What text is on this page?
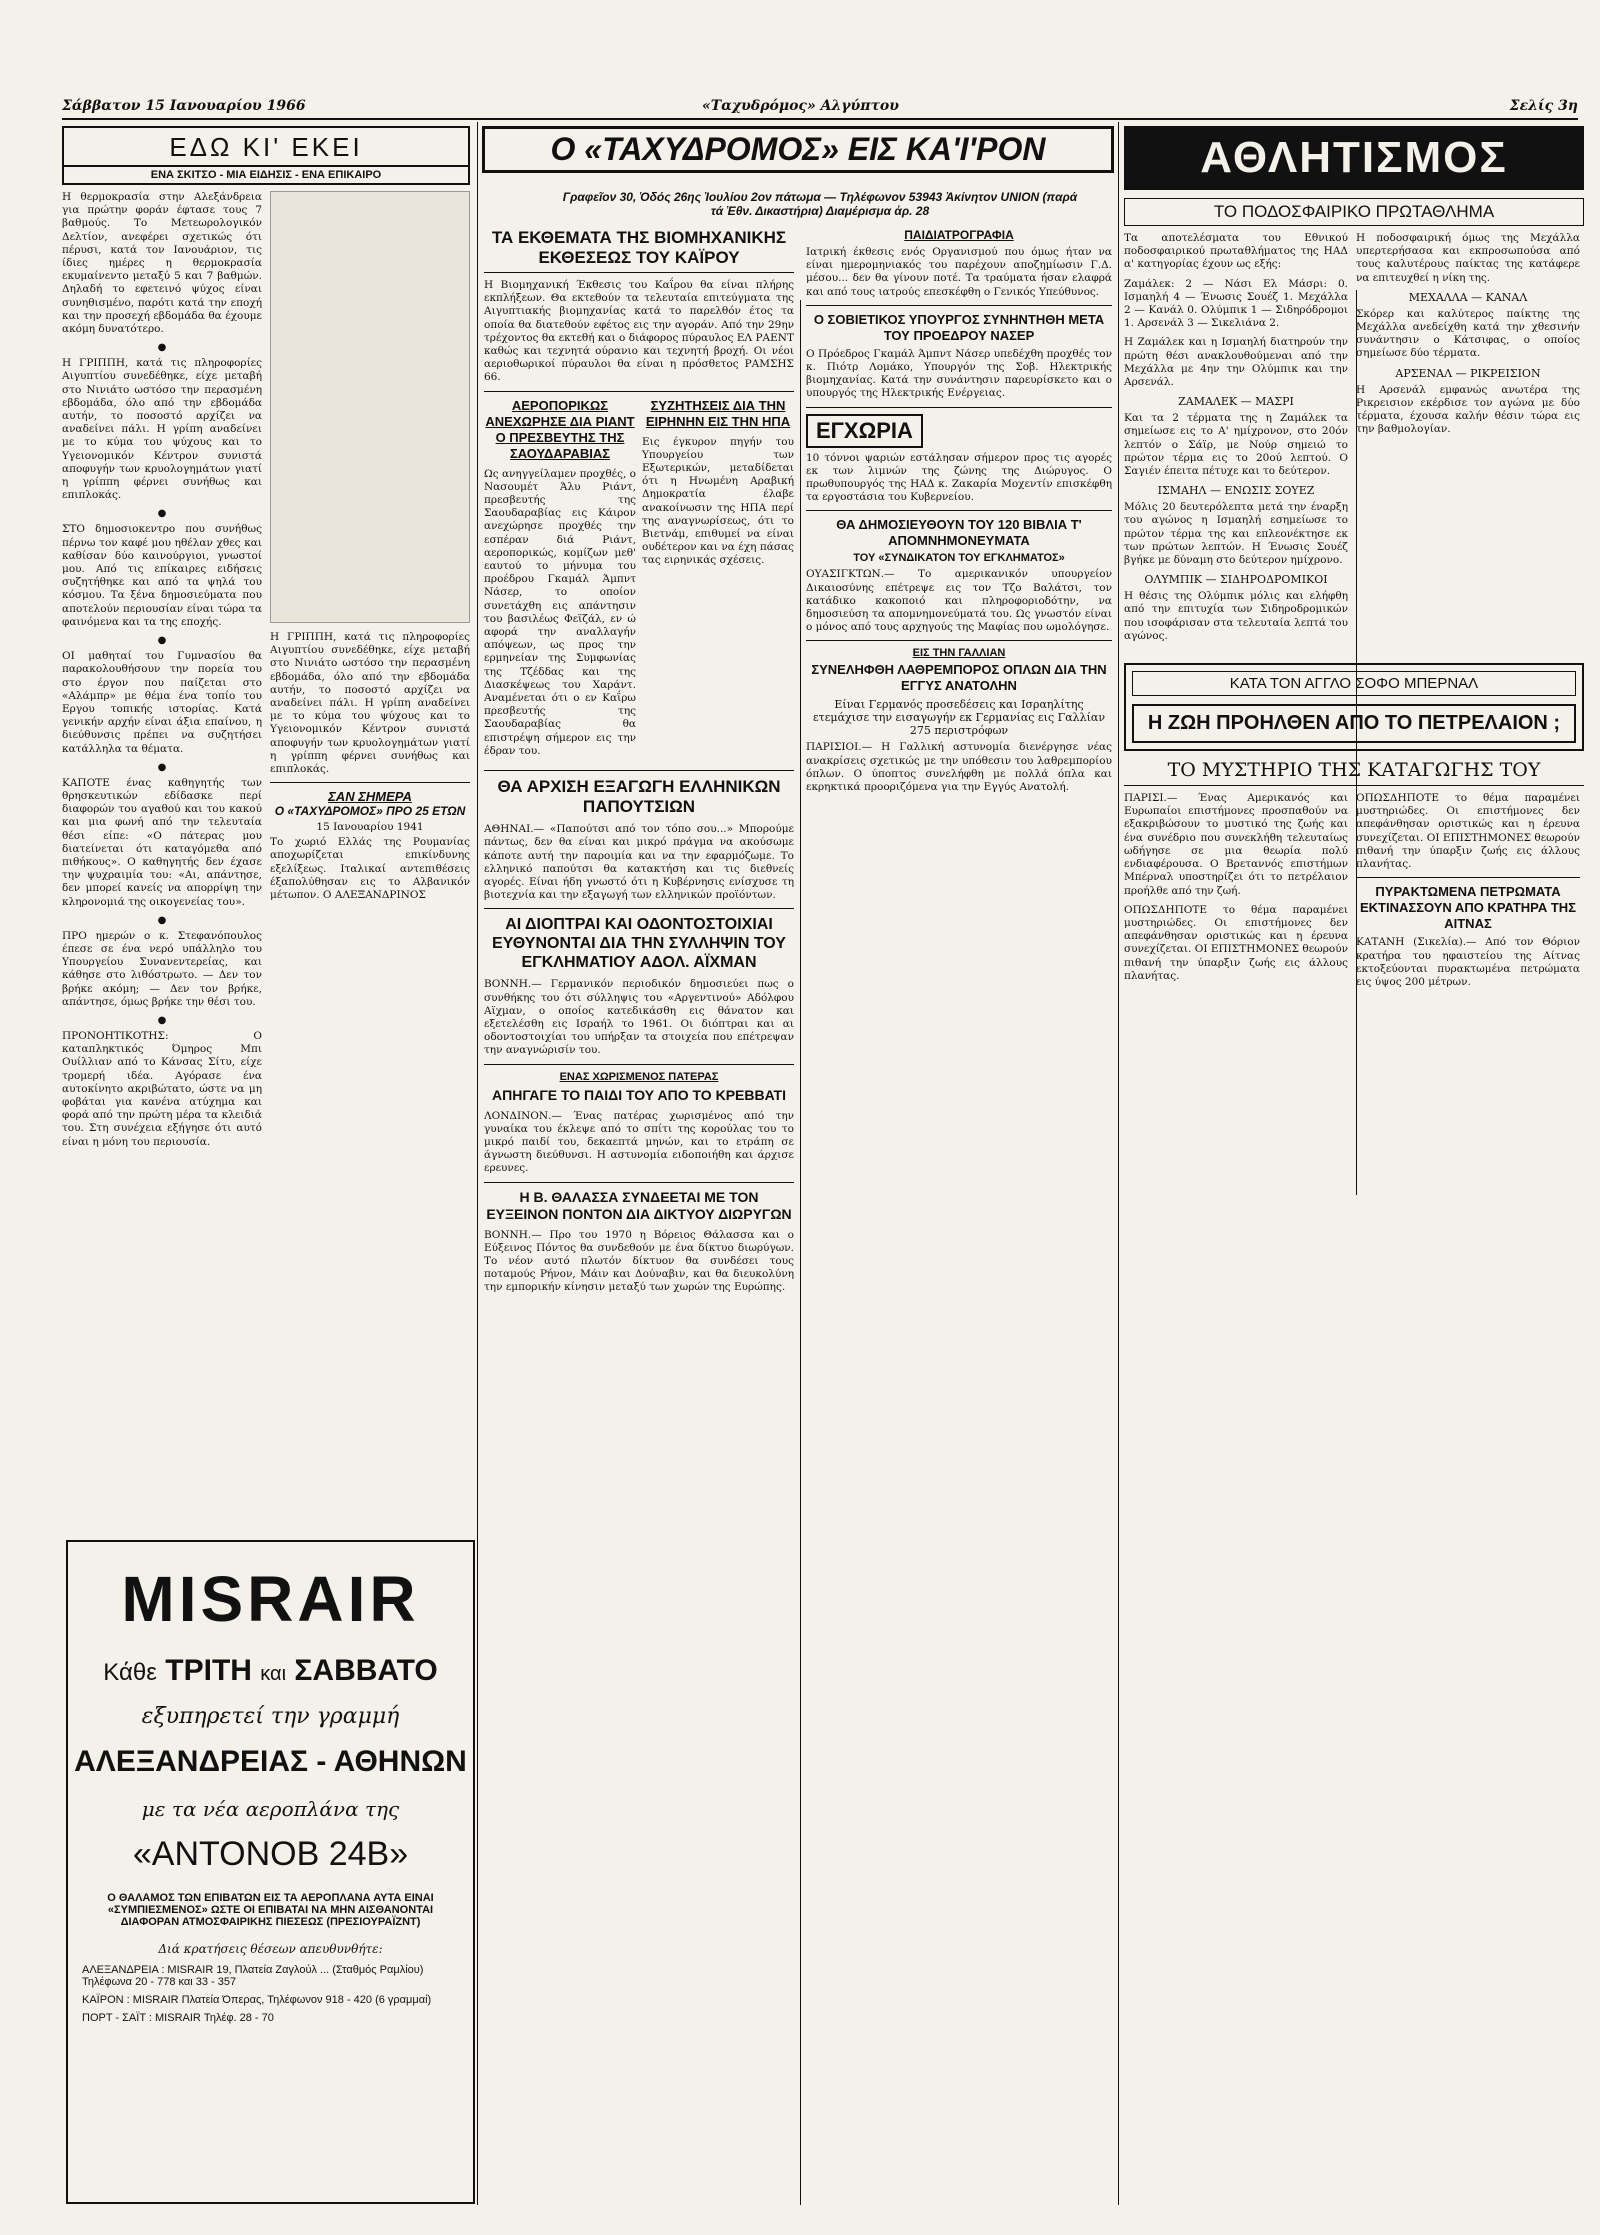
Σάββατον 15 Ιανουαρίου 1966	«Ταχυδρόμος» Αλγύπτου	Σελίς 3η
ΕΔΩ ΚΙ' ΕΚΕΙ
ΕΝΑ ΣΚΙΤΣΟ - ΜΙΑ ΕΙΔΗΣΙΣ - ΕΝΑ ΕΠΙΚΑΙΡΟ

Η θερμοκρασία στην Αλεξάνδρεια για πρώτην φοράν έφτασε τους 7 βαθμούς. Το Μετεωρολογικόν Δελτίον, ανεφέρει σχετικώς ότι πέρυσι, κατά τον Ιανουάριον, τις ίδιες ημέρες η θερμοκρασία εκυμαίνεντο μεταξύ 5 και 7 βαθμών. Δηλαδή το εφετεινό ψύχος είναι συνηθισμένο, παρότι κατά την εποχή και την προσεχή εβδομάδα θα έχουμε ακόμη δυνατότερο.

●

Η ΓΡΙΠΠΗ, κατά τις πληροφορίες Αιγυπτίου συνεδέθηκε, είχε μεταβή στο Νινιάτο ωστόσο την περασμένη εβδομάδα, όλο από την εβδομάδα αυτήν, το ποσοστό αρχίζει να αναδείνει πάλι. Η γρίπη αναδείνει με το κύμα του ψύχους και το Υγειονομικόν Κέντρον συνιστά αποφυγήν των κρυολογημάτων γιατί η γρίππη φέρνει συνήθως και επιπλοκάς.

●

ΣΤΟ δημοσιοκεντρο που συνήθως πέρνω τον καφέ μου ηθέλαν χθες και καθίσαν δύο καινούργιοι, γνωστοί μου. Από τις επίκαιρες ειδήσεις συζητήθηκε και από τα ψηλά του κόσμου. Τα ξένα δημοσιεύματα που αποτελούν περιουσίαν είναι τώρα τα φαινόμενα και τα της εποχής.

●

ΟΙ μαθηταί του Γυμνασίου θα παρακολουθήσουν την πορεία του στο έργον που παίζεται στο «Αλάμπρ» με θέμα ένα τοπίο του Εργου τοπικής ιστορίας. Κατά γενικήν αρχήν είναι άξια επαίνου, η διεύθυνσις πρέπει να συζητήσει κατάλληλα τα θέματα.

●

ΚΑΠΟΤΕ ένας καθηγητής των θρησκευτικών εδίδασκε περί διαφορών του αγαθού και του κακού και μια φωνή από την τελευταία θέσι είπε: «Ο πάτερας μου διατείνεται ότι καταγόμεθα από πιθήκους». Ο καθηγητής δεν έχασε την ψυχραιμία του: «Αι, απάντησε, δεν μπορεί κανείς να απορρίψη την κληρονομιά της οικογενείας του».

●

ΠΡΟ ημερών ο κ. Στεφανόπουλος έπεσε σε ένα νερό υπάλληλο του Υπουργείου Συνανεντερείας, και κάθησε στο λιθόστρωτο. — Δεν τον βρήκε ακόμη; — Δεν τον βρήκε, απάντησε, όμως βρήκε την θέσι του.

●

ΠΡΟΝΟΗΤΙΚΟΤΗΣ: Ο καταπληκτικός Όμηρος Μπι Ουίλλιαν από το Κάνσας Σίτυ, είχε τρομερή ιδέα. Αγόρασε ένα αυτοκίνητο ακριβώτατο, ώστε να μη φοβάται για κανένα ατύχημα και φορά από την πρώτη μέρα τα κλειδιά του. Στη συνέχεια εξήγησε ότι αυτό είναι η μόνη του περιουσία.

Η ΓΡΙΠΠΗ, κατά τις πληροφορίες Αιγυπτίου συνεδέθηκε, είχε μεταβή στο Νινιάτο ωστόσο την περασμένη εβδομάδα, όλο από την εβδομάδα αυτήν, το ποσοστό αρχίζει να αναδείνει πάλι. Η γρίπη αναδείνει με το κύμα του ψύχους και το Υγειονομικόν Κέντρον συνιστά αποφυγήν των κρυολογημάτων γιατί η γρίππη φέρνει συνήθως και επιπλοκάς.

ΣΑΝ ΣΗΜΕΡΑ
Ο «ΤΑΧΥΔΡΟΜΟΣ» ΠΡΟ 25 ΕΤΩΝ
15 Ιανουαρίου 1941

Το χωριό Ελλάς της Ρουμανίας αποχωρίζεται επικίνδυνης εξελίξεως. Ιταλικαί αντεπιθέσεις έξαπολύθησαν εις το Αλβανικόν μέτωπον. Ο ΑΛΕΞΑΝΔΡΙΝΟΣ

MISRAIR
Κάθε ΤΡΙΤΗ και ΣΑΒΒΑΤΟ
εξυπηρετεί την γραμμή
ΑΛΕΞΑΝΔΡΕΙΑΣ - ΑΘΗΝΩΝ
με τα νέα αεροπλάνα της
«ΑΝΤΟΝΟΒ 24Β»
Ο ΘΑΛΑΜΟΣ ΤΩΝ ΕΠΙΒΑΤΩΝ ΕΙΣ ΤΑ ΑΕΡΟΠΛΑΝΑ ΑΥΤΑ ΕΙΝΑΙ «ΣΥΜΠΙΕΣΜΕΝΟΣ» ΩΣΤΕ ΟΙ ΕΠΙΒΑΤΑΙ ΝΑ ΜΗΝ ΑΙΣΘΑΝΟΝΤΑΙ ΔΙΑΦΟΡΑΝ ΑΤΜΟΣΦΑΙΡΙΚΗΣ ΠΙΕΣΕΩΣ (ΠΡΕΣΙΟΥΡΑΪΖΝΤ)
Διά κρατήσεις θέσεων απευθυνθήτε:
ΑΛΕΞΑΝΔΡΕΙΑ : MISRAIR 19, Πλατεία Ζαγλούλ ... (Σταθμός Ραμλίου) Τηλέφωνα 20 - 778 και 33 - 357
ΚΑΪΡΟΝ : MISRAIR Πλατεία Όπερας, Τηλέφωνον 918 - 420 (6 γραμμαί)
ΠΟΡΤ - ΣΑΪΤ : MISRAIR Τηλέφ. 28 - 70
Ο «ΤΑΧΥΔΡΟΜΟΣ» ΕΙΣ ΚΑ'Ι'ΡΟΝ
Γραφεῖον 30, Ὁδός 26ης Ἰουλίου 2ον πάτωμα — Τηλέφωνον 53943 Ἀκίνητον UNION (παρά τά Ἐθν. Δικαστήρια) Διαμέρισμα ἀρ. 28
ΤΑ ΕΚΘΕΜΑΤΑ ΤΗΣ ΒΙΟΜΗΧΑΝΙΚΗΣ ΕΚΘΕΣΕΩΣ ΤΟΥ ΚΑΪΡΟΥ

Η Βιομηχανική Έκθεσις του Καΐρου θα είναι πλήρης εκπλήξεων. Θα εκτεθούν τα τελευταία επιτεύγματα της Αιγυπτιακής βιομηχανίας κατά το παρελθόν έτος τα οποία θα διατεθούν εφέτος εις την αγοράν. Από την 29ην τρέχοντος θα εκτεθή και ο διάφορος πύραυλος ΕΛ ΡΑΕΝΤ καθώς και τεχνητά ούρανιο και τεχνητή βροχή. Οι νέοι αεριοθωρικοί πύραυλοι θα είναι η πρόσθετος ΡΑΜΣΗΣ 66.

ΑΕΡΟΠΟΡΙΚΩΣ ΑΝΕΧΩΡΗΣΕ ΔΙΑ ΡΙΑΝΤ Ο ΠΡΕΣΒΕΥΤΗΣ ΤΗΣ ΣΑΟΥΔΑΡΑΒΙΑΣ

Ως ανηγγείλαμεν προχθές, ο Νασουμέτ Άλυ Ριάντ, πρεσβευτής της Σαουδαραβίας εις Κάιρον ανεχώρησε προχθές την εσπέραν διά Ριάντ, αεροπορικώς, κομίζων μεθ' εαυτού το μήνυμα του προέδρου Γκαμάλ Άμπντ Νάσερ, το οποίον συνετάχθη εις απάντησιν του βασιλέως Φεϊζάλ, εν ώ αφορά την αναλλαγήν απόψεων, ως προς την ερμηνείαν της Συμφωνίας της Τζέδδας και της Διασκέψεως του Χαράντ. Αναμένεται ότι ο εν Καΐρω πρεσβευτής της Σαουδαραβίας θα επιστρέψη σήμερον εις την έδραν του.

ΣΥΖΗΤΗΣΕΙΣ ΔΙΑ ΤΗΝ ΕΙΡΗΝΗΝ ΕΙΣ ΤΗΝ ΗΠΑ

Εις έγκυρον πηγήν του Υπουργείου των Εξωτερικών, μεταδίδεται ότι η Ηνωμένη Αραβική Δημοκρατία έλαβε ανακοίνωσιν της ΗΠΑ περί της αναγνωρίσεως, ότι το Βιετνάμ, επιθυμεί να είναι ουδέτερον και να έχη πάσας τας ειρηνικάς σχέσεις.

ΘΑ ΑΡΧΙΣΗ ΕΞΑΓΩΓΗ ΕΛΛΗΝΙΚΩΝ ΠΑΠΟΥΤΣΙΩΝ

ΑΘΗΝΑΙ.— «Παπούτσι από τον τόπο σου...» Μπορούμε πάντως, δεν θα είναι και μικρό πράγμα να ακούσωμε κάποτε αυτή την παροιμία και να την εφαρμόζωμε. Το ελληνικό παπούτσι θα κατακτήση και τις διεθνείς αγορές. Είναι ήδη γνωστό ότι η Κυβέρνησις ενίσχυσε τη βιοτεχνία και την εξαγωγή των ελληνικών προϊόντων.

ΑΙ ΔΙΟΠΤΡΑΙ ΚΑΙ ΟΔΟΝΤΟΣΤΟΙΧΙΑΙ ΕΥΘΥΝΟΝΤΑΙ ΔΙΑ ΤΗΝ ΣΥΛΛΗΨΙΝ ΤΟΥ ΕΓΚΛΗΜΑΤΙΟΥ ΑΔΟΛ. ΑΪΧΜΑΝ

ΒΟΝΝΗ.— Γερμανικόν περιοδικόν δημοσιεύει πως ο συνθήκης του ότι σύλληψις του «Αργεντινού» Αδόλφου Αϊχμαν, ο οποίος κατεδικάσθη εις θάνατον και εξετελέσθη εις Ισραήλ το 1961. Οι διόπτραι και αι οδοντοστοιχίαι του υπήρξαν τα στοιχεία που επέτρεψαν την αναγνώρισίν του.

ΕΝΑΣ ΧΩΡΙΣΜΕΝΟΣ ΠΑΤΕΡΑΣ
ΑΠΗΓΑΓΕ ΤΟ ΠΑΙΔΙ ΤΟΥ ΑΠΟ ΤΟ ΚΡΕΒΒΑΤΙ

ΛΟΝΔΙΝΟΝ.— Ένας πατέρας χωρισμένος από την γυναίκα του έκλεψε από το σπίτι της κορούλας του το μικρό παιδί του, δεκαεπτά μηνών, και το ετράπη σε άγνωστη διεύθυνσι. Η αστυνομία ειδοποιήθη και άρχισε ερευνες.

Η Β. ΘΑΛΑΣΣΑ ΣΥΝΔΕΕΤΑΙ ΜΕ ΤΟΝ ΕΥΞΕΙΝΟΝ ΠΟΝΤΟΝ ΔΙΑ ΔΙΚΤΥΟΥ ΔΙΩΡΥΓΩΝ

ΒΟΝΝΗ.— Προ του 1970 η Βόρειος Θάλασσα και ο Εύξεινος Πόντος θα συνδεθούν με ένα δίκτυο διωρύγων. Το νέον αυτό πλωτόν δίκτυον θα συνδέσει τους ποταμούς Ρήνον, Μάιν και Δούναβιν, και θα διευκολύνη την εμπορικήν κίνησιν μεταξύ των χωρών της Ευρώπης.

ΠΑΙΔΙΑΤΡΟΓΡΑΦΙΑ

Ιατρική έκθεσις ενός Οργανισμού που όμως ήταν να είναι ημερομηνιακός του παρέχουν αποζημίωσιν Γ.Δ. μέσου... δεν θα γίνουν ποτέ. Τα τραύματα ήσαν ελαφρά και από τους ιατρούς επεσκέφθη ο Γενικός Υπεύθυνος.

Ο ΣΟΒΙΕΤΙΚΟΣ ΥΠΟΥΡΓΟΣ ΣΥΝΗΝΤΗΘΗ ΜΕΤΑ ΤΟΥ ΠΡΟΕΔΡΟΥ ΝΑΣΕΡ

Ο Πρόεδρος Γκαμάλ Άμπντ Νάσερ υπεδέχθη προχθές τον κ. Πιότρ Λομάκο, Υπουργόν της Σοβ. Ηλεκτρικής βιομηχανίας. Κατά την συνάντησιν παρευρίσκετο και ο υπουργός της Ηλεκτρικής Ενέργειας.

ΕΓΧΩΡΙΑ

10 τόννοι ψαριών εστάλησαν σήμερον προς τις αγορές εκ των λιμνών της ζώνης της Διώρυγος. Ο πρωθυπουργός της ΗΑΔ κ. Ζακαρία Μοχεντίν επισκέφθη τα εργοστάσια του Κυβερνείου.

ΘΑ ΔΗΜΟΣΙΕΥΘΟΥΝ ΤΟΥ 120 ΒΙΒΛΙΑ Τ' ΑΠΟΜΝΗΜΟΝΕΥΜΑΤΑ
ΤΟΥ «ΣΥΝΔΙΚΑΤΟΝ ΤΟΥ ΕΓΚΛΗΜΑΤΟΣ»

ΟΥΑΣΙΓΚΤΩΝ.— Το αμερικανικόν υπουργείον Δικαιοσύνης επέτρεψε εις τον Τζο Βαλάτσι, τον κατάδικο κακοποιό και πληροφοριοδότην, να δημοσιεύση τα απομνημονεύματά του. Ως γνωστόν είναι ο μόνος από τους αρχηγούς της Μαφίας που ωμολόγησε.

ΕΙΣ ΤΗΝ ΓΑΛΛΙΑΝ
ΣΥΝΕΛΗΦΘΗ ΛΑΘΡΕΜΠΟΡΟΣ ΟΠΛΩΝ ΔΙΑ ΤΗΝ ΕΓΓΥΣ ΑΝΑΤΟΛΗΝ
Είναι Γερμανός προσεδέσεις και Ισραηλίτης ετεμάχισε την εισαγωγήν εκ Γερμανίας εις Γαλλίαν 275 περιστρόφων

ΠΑΡΙΣΙΟΙ.— Η Γαλλική αστυνομία διενέργησε νέας ανακρίσεις σχετικώς με την υπόθεσιν του λαθρεμπορίου όπλων. Ο ύποπτος συνελήφθη με πολλά όπλα και εκρηκτικά προοριζόμενα για την Εγγύς Ανατολή.

ΑΘΛΗΤΙΣΜΟΣ
ΤΟ ΠΟΔΟΣΦΑΙΡΙΚΟ ΠΡΩΤΑΘΛΗΜΑ

Τα αποτελέσματα του Εθνικού ποδοσφαιρικού πρωταθλήματος της ΗΑΔ α' κατηγορίας έχουν ως εξής:

Ζαμάλεκ: 2 — Νάσι Ελ Μάσρι: 0. Ισμαηλή 4 — Ένωσις Σουέζ 1. Μεχάλλα 2 — Κανάλ 0. Ολύμπικ 1 — Σιδηρόδρομοι 1. Αρσενάλ 3 — Σικελιάνα 2.

Η Ζαμάλεκ και η Ισμαηλή διατηρούν την πρώτη θέσι ανακλουθούμεναι από την Μεχάλλα με 4ην την Ολύμπικ και την Αρσενάλ.

ΖΑΜΑΛΕΚ — ΜΑΣΡΙ

Και τα 2 τέρματα της η Ζαμάλεκ τα σημείωσε εις το Α' ημίχρονον, στο 20όν λεπτόν ο Σάϊρ, με Νούρ σημειώ το πρώτον τέρμα εις το 20ού λεπτού. Ο Σαγιέν έπειτα πέτυχε και το δεύτερον.

ΙΣΜΑΗΛ — ΕΝΩΣΙΣ ΣΟΥΕΖ

Μόλις 20 δευτερόλεπτα μετά την έναρξη του αγώνος η Ισμαηλή εσημείωσε το πρώτον τέρμα της και επλεονέκτησε εκ των πρώτων λεπτών. Η Ένωσις Σουέζ βγήκε με δύναμη στο δεύτερον ημίχρονο.

ΟΛΥΜΠΙΚ — ΣΙΔΗΡΟΔΡΟΜΙΚΟΙ

Η θέσις της Ολύμπικ μόλις και ελήφθη από την επιτυχία των Σιδηροδρομικών που ισοφάρισαν στα τελευταία λεπτά του αγώνος.

Η ποδοσφαιρική όμως της Μεχάλλα υπερτερήσασα και εκπροσωπούσα από τους καλυτέρους παίκτας της κατάφερε να επιτευχθεί η νίκη της.

ΜΕΧΑΛΛΑ — ΚΑΝΑΛ

Σκόρερ και καλύτερος παίκτης της Μεχάλλα ανεδείχθη κατά την χθεσινήν συνάντησιν ο Κάτσιφας, ο οποίος σημείωσε δύο τέρματα.

ΑΡΣΕΝΑΛ — ΡΙΚΡΕΙΣΙΟΝ

Η Αρσενάλ εμφανώς ανωτέρα της Ρικρεισιον εκέρδισε τον αγώνα με δύο τέρματα, έχουσα καλήν θέσιν τώρα εις την βαθμολογίαν.

ΚΑΤΑ ΤΟΝ ΑΓΓΛΟ ΣΟΦΟ ΜΠΕΡΝΑΛ
Η ΖΩΗ ΠΡΟΗΛΘΕΝ ΑΠΟ ΤΟ ΠΕΤΡΕΛΑΙΟΝ ;
ΤΟ ΜΥΣΤΗΡΙΟ ΤΗΣ ΚΑΤΑΓΩΓΗΣ ΤΟΥ

ΠΑΡΙΣΙ.— Ένας Αμερικανός και Ευρωπαίοι επιστήμονες προσπαθούν να εξακριβώσουν το μυστικό της ζωής και ένα συνέδριο που συνεκλήθη τελευταίως ωδήγησε σε μια θεωρία πολύ ενδιαφέρουσα. Ο Βρεταννός επιστήμων Μπέρναλ υποστηρίζει ότι το πετρέλαιον προήλθε από την ζωή.

ΟΠΩΣΔΗΠΟΤΕ το θέμα παραμένει μυστηριώδες. Οι επιστήμονες δεν απεφάνθησαν οριστικώς και η έρευνα συνεχίζεται. ΟΙ ΕΠΙΣΤΗΜΟΝΕΣ θεωρούν πιθανή την ύπαρξιν ζωής εις άλλους πλανήτας.

ΟΠΩΣΔΗΠΟΤΕ το θέμα παραμένει μυστηριώδες. Οι επιστήμονες δεν απεφάνθησαν οριστικώς και η έρευνα συνεχίζεται. ΟΙ ΕΠΙΣΤΗΜΟΝΕΣ θεωρούν πιθανή την ύπαρξιν ζωής εις άλλους πλανήτας.

ΠΥΡΑΚΤΩΜΕΝΑ ΠΕΤΡΩΜΑΤΑ ΕΚΤΙΝΑΣΣΟΥΝ ΑΠΟ ΚΡΑΤΗΡΑ ΤΗΣ ΑΙΤΝΑΣ

ΚΑΤΑΝΗ (Σικελία).— Από τον Θόριον κρατήρα του ηφαιστείου της Αίτνας εκτοξεύονται πυρακτωμένα πετρώματα εις ύψος 200 μέτρων.
